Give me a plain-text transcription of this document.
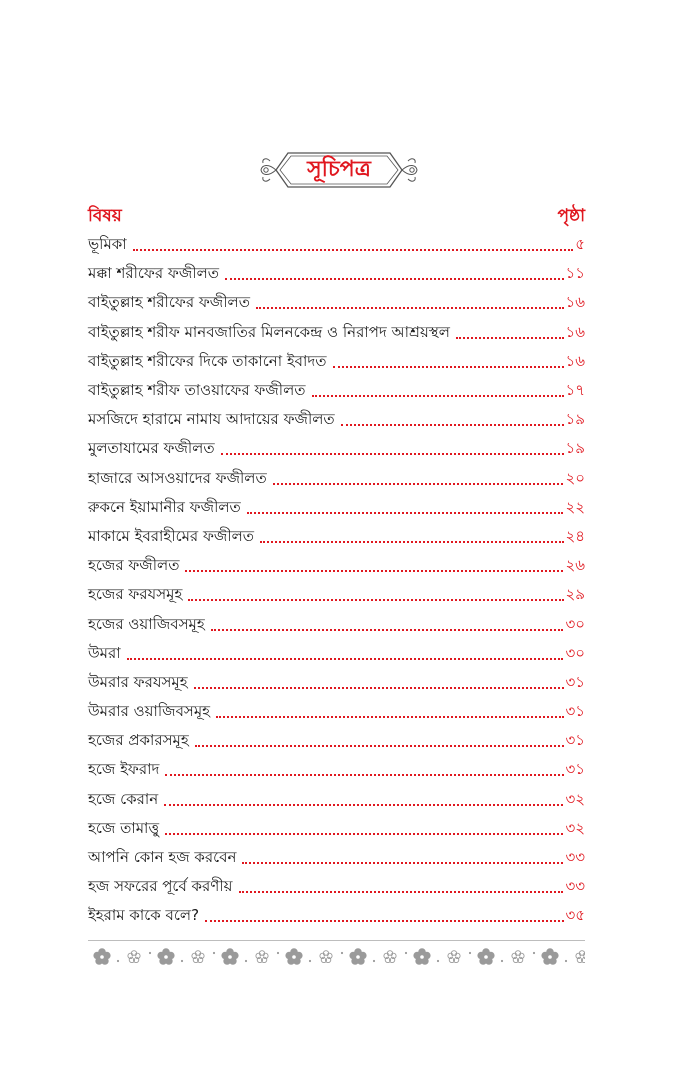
সূচিপত্র
বিষয়	পৃষ্ঠা
ভূমিকা	৫
মক্কা শরীফের ফজীলত	১১
বাইতুল্লাহ শরীফের ফজীলত	১৬
বাইতুল্লাহ শরীফ মানবজাতির মিলনকেন্দ্র ও নিরাপদ আশ্রয়স্থল	১৬
বাইতুল্লাহ শরীফের দিকে তাকানো ইবাদত	১৬
বাইতুল্লাহ শরীফ তাওয়াফের ফজীলত	১৭
মসজিদে হারামে নামায আদায়ের ফজীলত	১৯
মুলতাযামের ফজীলত	১৯
হাজারে আসওয়াদের ফজীলত	২০
রুকনে ইয়ামানীর ফজীলত	২২
মাকামে ইবরাহীমের ফজীলত	২৪
হজের ফজীলত	২৬
হজের ফরযসমূহ	২৯
হজের ওয়াজিবসমূহ	৩০
উমরা	৩০
উমরার ফরযসমূহ	৩১
উমরার ওয়াজিবসমূহ	৩১
হজের প্রকারসমূহ	৩১
হজে ইফরাদ	৩১
হজে কেরান	৩২
হজে তামাত্তু	৩২
আপনি কোন হজ করবেন	৩৩
হজ সফরের পূর্বে করণীয়	৩৩
ইহরাম কাকে বলে?	৩৫
